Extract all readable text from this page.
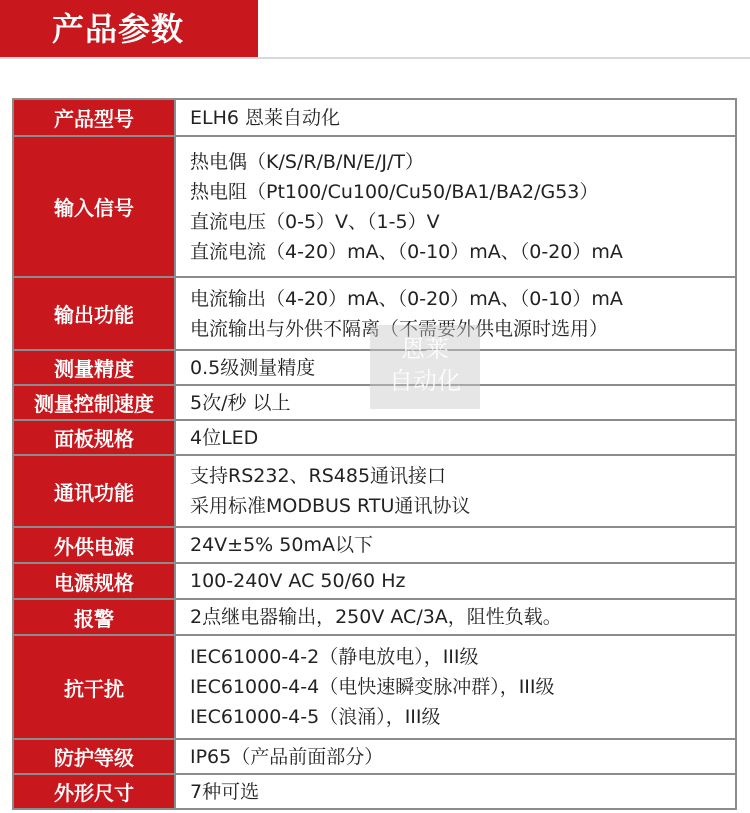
产品参数
产品型号	ELH6 恩莱自动化

输入信号	热电偶（K/S/R/B/N/E/J/T）
热电阻（Pt100/Cu100/Cu50/BA1/BA2/G53）
直流电压（0-5）V、（1-5）V
直流电流（4-20）mA、（0-10）mA、（0-20）mA

输出功能	电流输出（4-20）mA、（0-20）mA、（0-10）mA
电流输出与外供不隔离（不需要外供电源时选用）

测量精度	0.5级测量精度

测量控制速度	5次/秒 以上

面板规格	4位LED

通讯功能	支持RS232、RS485通讯接口
采用标准MODBUS RTU通讯协议

外供电源	24V±5% 50mA以下

电源规格	100-240V AC 50/60 Hz

报警	2点继电器输出，250V AC/3A，阻性负载。

抗干扰	IEC61000-4-2（静电放电），III级
IEC61000-4-4（电快速瞬变脉冲群），III级
IEC61000-4-5（浪涌），III级

防护等级	IP65（产品前面部分）

外形尺寸	7种可选
恩莱
自动化
